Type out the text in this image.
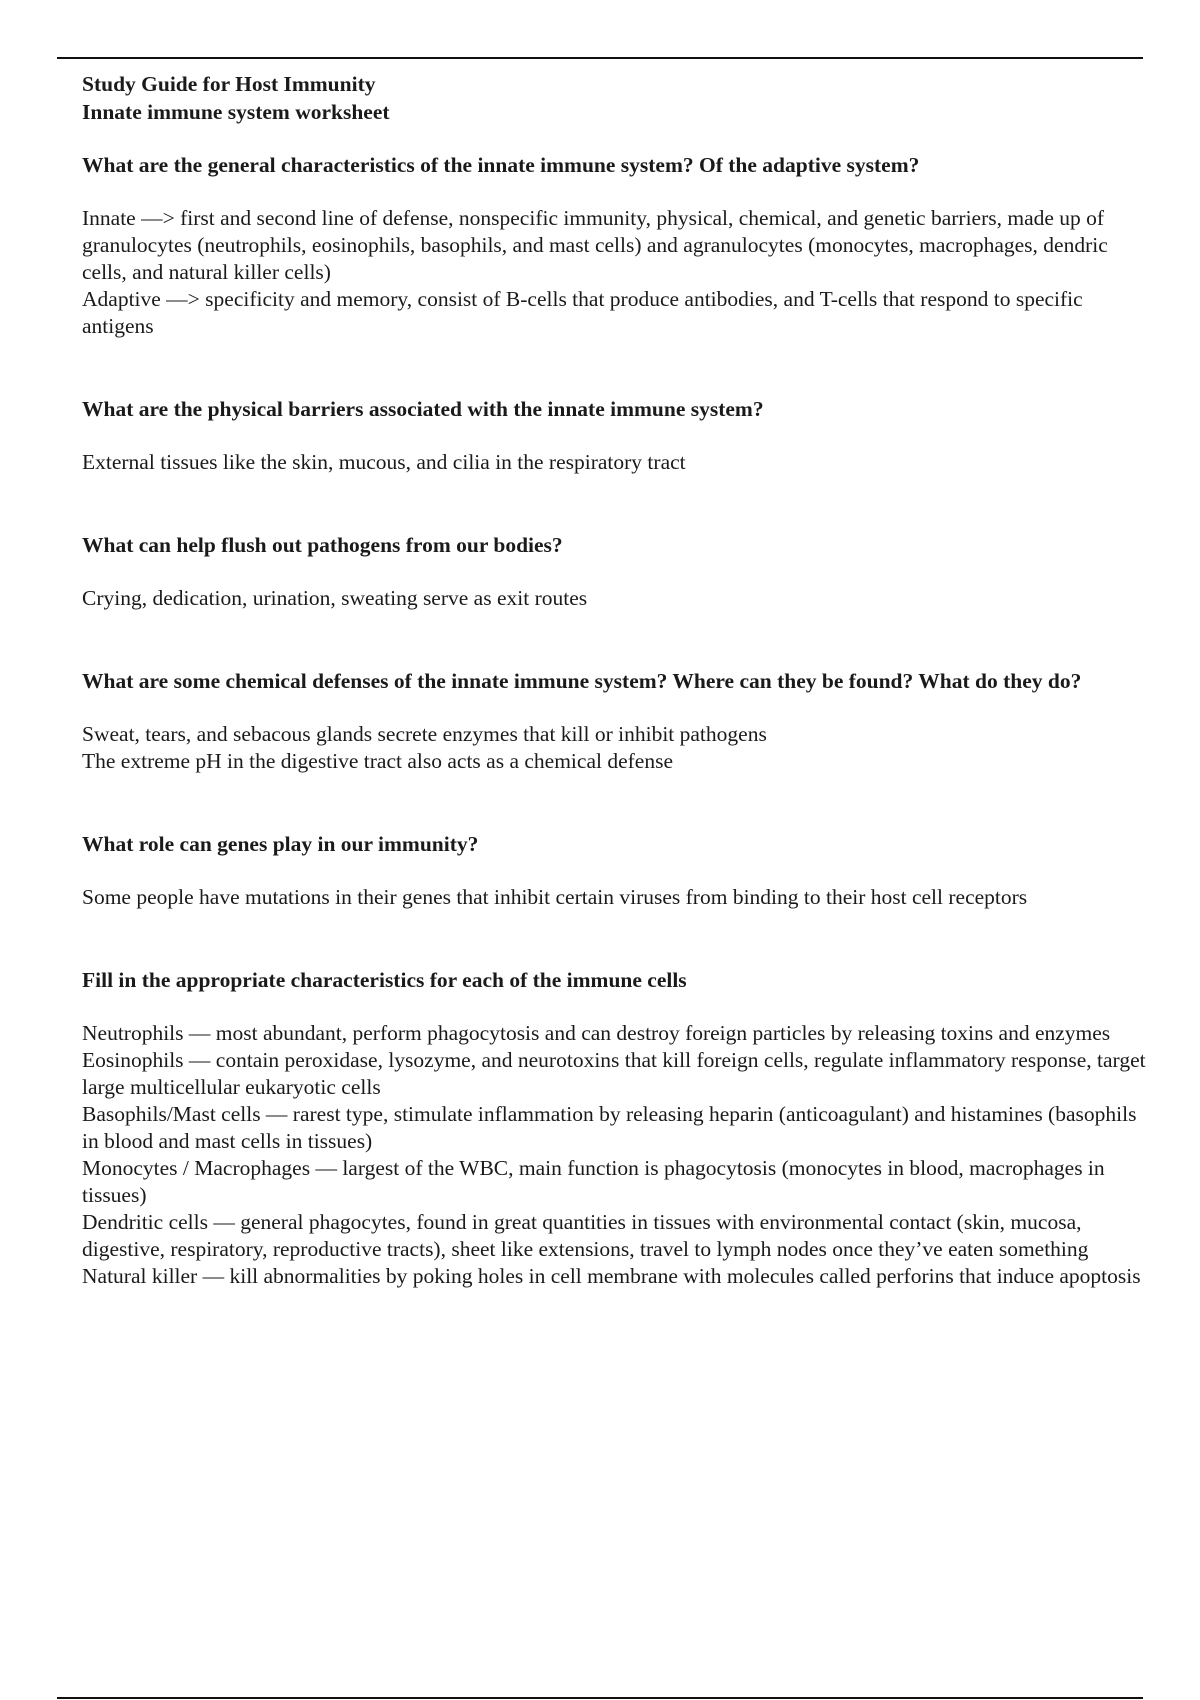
Study Guide for Host Immunity

Innate immune system worksheet

What are the general characteristics of the innate immune system? Of the adaptive system?

Innate —> first and second line of defense, nonspecific immunity, physical, chemical, and genetic barriers, made up of granulocytes (neutrophils, eosinophils, basophils, and mast cells) and agranulocytes (monocytes, macrophages, dendric cells, and natural killer cells)

Adaptive —> specificity and memory, consist of B-cells that produce antibodies, and T-cells that respond to specific antigens

What are the physical barriers associated with the innate immune system?

External tissues like the skin, mucous, and cilia in the respiratory tract

What can help flush out pathogens from our bodies?

Crying, dedication, urination, sweating serve as exit routes

What are some chemical defenses of the innate immune system? Where can they be found? What do they do?

Sweat, tears, and sebacous glands secrete enzymes that kill or inhibit pathogens

The extreme pH in the digestive tract also acts as a chemical defense

What role can genes play in our immunity?

Some people have mutations in their genes that inhibit certain viruses from binding to their host cell receptors

Fill in the appropriate characteristics for each of the immune cells

Neutrophils — most abundant, perform phagocytosis and can destroy foreign particles by releasing toxins and enzymes

Eosinophils — contain peroxidase, lysozyme, and neurotoxins that kill foreign cells, regulate inflammatory response, target large multicellular eukaryotic cells

Basophils/Mast cells — rarest type, stimulate inflammation by releasing heparin (anticoagulant) and histamines (basophils in blood and mast cells in tissues)

Monocytes / Macrophages — largest of the WBC, main function is phagocytosis (monocytes in blood, macrophages in tissues)

Dendritic cells — general phagocytes, found in great quantities in tissues with environmental contact (skin, mucosa, digestive, respiratory, reproductive tracts), sheet like extensions, travel to lymph nodes once they’ve eaten something

Natural killer — kill abnormalities by poking holes in cell membrane with molecules called perforins that induce apoptosis
